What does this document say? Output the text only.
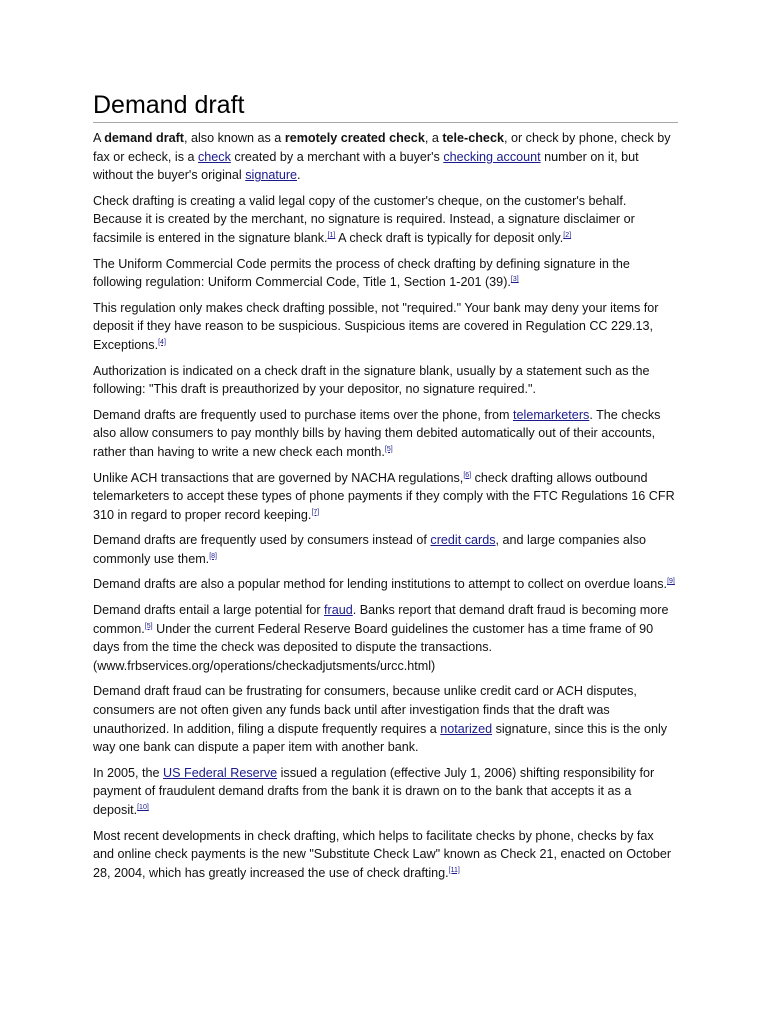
Demand draft

A demand draft, also known as a remotely created check, a tele-check, or check by phone, check by fax or echeck, is a check created by a merchant with a buyer's checking account number on it, but without the buyer's original signature.

Check drafting is creating a valid legal copy of the customer's cheque, on the customer's behalf. Because it is created by the merchant, no signature is required. Instead, a signature disclaimer or facsimile is entered in the signature blank.[1] A check draft is typically for deposit only.[2]

The Uniform Commercial Code permits the process of check drafting by defining signature in the following regulation: Uniform Commercial Code, Title 1, Section 1-201 (39).[3]

This regulation only makes check drafting possible, not "required." Your bank may deny your items for deposit if they have reason to be suspicious. Suspicious items are covered in Regulation CC 229.13, Exceptions.[4]

Authorization is indicated on a check draft in the signature blank, usually by a statement such as the following: "This draft is preauthorized by your depositor, no signature required.".

Demand drafts are frequently used to purchase items over the phone, from telemarketers. The checks also allow consumers to pay monthly bills by having them debited automatically out of their accounts, rather than having to write a new check each month.[5]

Unlike ACH transactions that are governed by NACHA regulations,[6] check drafting allows outbound telemarketers to accept these types of phone payments if they comply with the FTC Regulations 16 CFR 310 in regard to proper record keeping.[7]

Demand drafts are frequently used by consumers instead of credit cards, and large companies also commonly use them.[8]

Demand drafts are also a popular method for lending institutions to attempt to collect on overdue loans.[9]

Demand drafts entail a large potential for fraud. Banks report that demand draft fraud is becoming more common.[5] Under the current Federal Reserve Board guidelines the customer has a time frame of 90 days from the time the check was deposited to dispute the transactions. (www.frbservices.org/operations/checkadjutsments/urcc.html)

Demand draft fraud can be frustrating for consumers, because unlike credit card or ACH disputes, consumers are not often given any funds back until after investigation finds that the draft was unauthorized. In addition, filing a dispute frequently requires a notarized signature, since this is the only way one bank can dispute a paper item with another bank.

In 2005, the US Federal Reserve issued a regulation (effective July 1, 2006) shifting responsibility for payment of fraudulent demand drafts from the bank it is drawn on to the bank that accepts it as a deposit.[10]

Most recent developments in check drafting, which helps to facilitate checks by phone, checks by fax and online check payments is the new "Substitute Check Law" known as Check 21, enacted on October 28, 2004, which has greatly increased the use of check drafting.[11]
